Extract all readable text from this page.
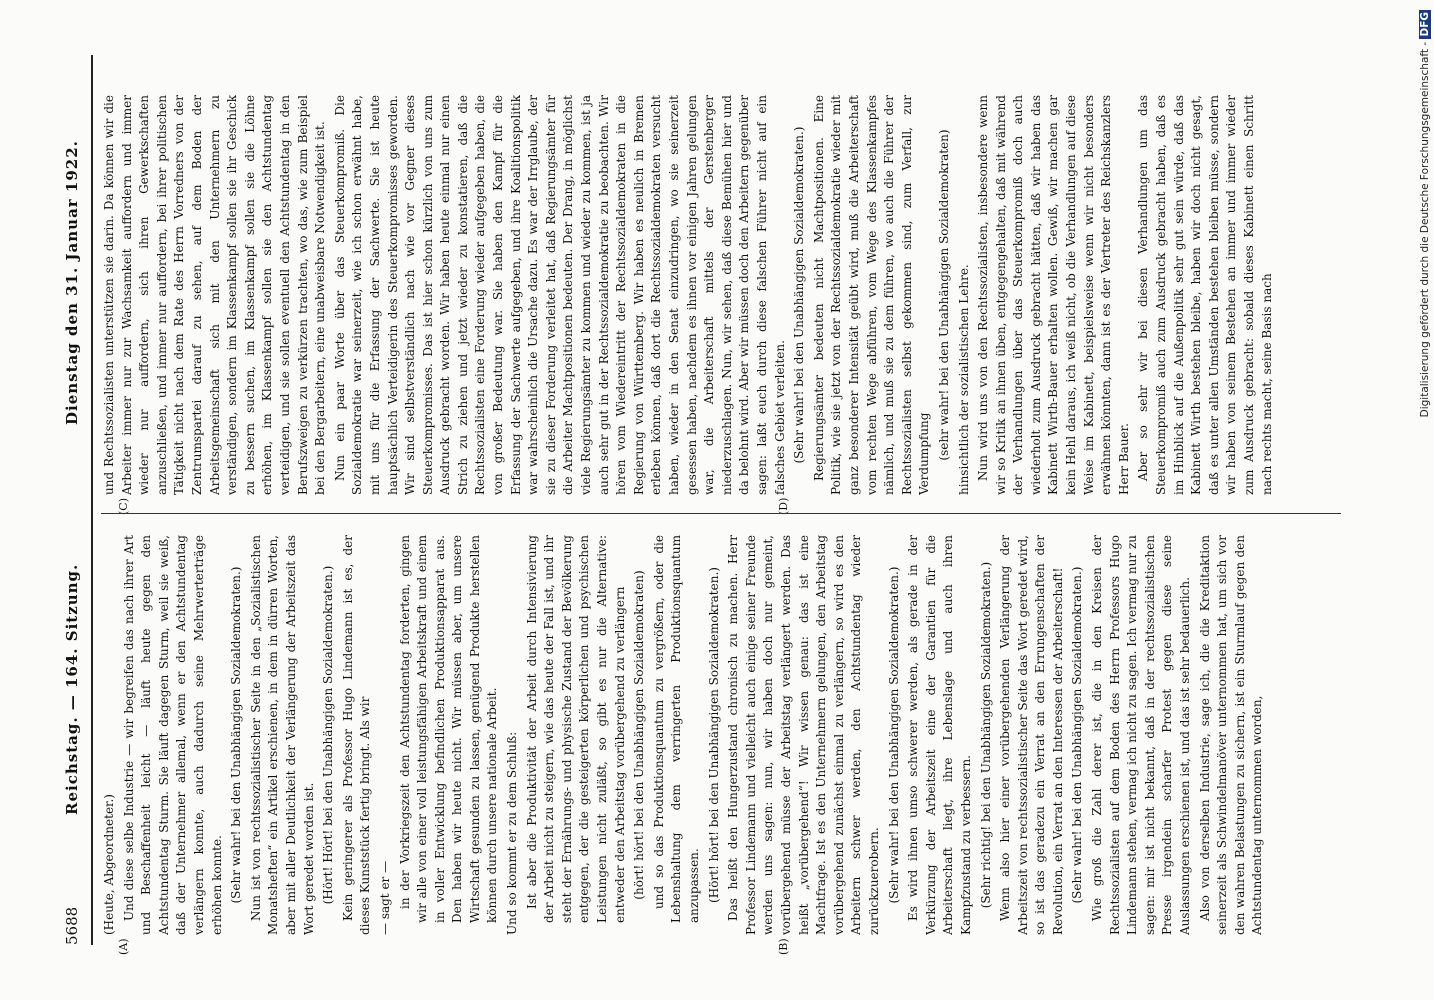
5688
Reichstag. — 164. Sitzung.
Dienstag den 31. Januar 1922.
(A)	(B)
(C)	(D)

(Heute, Abgeordneter.) Und diese selbe Industrie — wir begreifen das nach ihrer Art und Beschaffenheit leicht — läuft heute gegen den Achtstundentag Sturm. Sie läuft dagegen Sturm, weil sie weiß, daß der Unternehmer allemal, wenn er den Achtstundentag verlängern konnte, auch dadurch seine Mehrwerterträge erhöhen konnte. (Sehr wahr! bei den Unabhängigen Sozialdemokraten.) Nun ist von rechtssozialistischer Seite in den „Sozialistischen Monatsheften“ ein Artikel erschienen, in dem in dürren Worten, aber mit aller Deutlichkeit der Verlängerung der Arbeitszeit das Wort geredet worden ist. (Hört! Hört! bei den Unabhängigen Sozialdemokraten.) Kein geringerer als Professor Hugo Lindemann ist es, der dieses Kunststück fertig bringt. Als wir — sagt er — in der Vorkriegszeit den Achtstundentag forderten, gingen wir alle von einer voll leistungsfähigen Arbeitskraft und einem in voller Entwicklung befindlichen Produktionsapparat aus. Den haben wir heute nicht. Wir müssen aber, um unsere Wirtschaft gesunden zu lassen, genügend Produkte herstellen können durch unsere nationale Arbeit. Und so kommt er zu dem Schluß: Ist aber die Produktivität der Arbeit durch Intensivierung der Arbeit nicht zu steigern, wie das heute der Fall ist, und ihr steht der Ernährungs- und physische Zustand der Bevölkerung entgegen, der die gesteigerten körperlichen und psychischen Leistungen nicht zuläßt, so gibt es nur die Alternative: entweder den Arbeitstag vorübergehend zu verlängern (hört! hört! bei den Unabhängigen Sozialdemokraten) und so das Produktionsquantum zu vergrößern, oder die Lebenshaltung dem verringerten Produktionsquantum anzupassen. (Hört! hört! bei den Unabhängigen Sozialdemokraten.) Das heißt den Hungerzustand chronisch zu machen. Herr Professor Lindemann und vielleicht auch einige seiner Freunde werden uns sagen: nun, wir haben doch nur gemeint, vorübergehend müsse der Arbeitstag verlängert werden. Das heißt „vorübergehend“! Wir wissen genau: das ist eine Machtfrage. Ist es den Unternehmern gelungen, den Arbeitstag vorübergehend zunächst einmal zu verlängern, so wird es den Arbeitern schwer werden, den Achtstundentag wieder zurückzuerobern. (Sehr wahr! bei den Unabhängigen Sozialdemokraten.) Es wird ihnen umso schwerer werden, als gerade in der Verkürzung der Arbeitszeit eine der Garantien für die Arbeiterschaft liegt, ihre Lebenslage und auch ihren Kampfzustand zu verbessern. (Sehr richtig! bei den Unabhängigen Sozialdemokraten.) Wenn also hier einer vorübergehenden Verlängerung der Arbeitszeit von rechtssozialistischer Seite das Wort geredet wird, so ist das geradezu ein Verrat an den Errungenschaften der Revolution, ein Verrat an den Interessen der Arbeiterschaft! (Sehr wahr! bei den Unabhängigen Sozialdemokraten.) Wie groß die Zahl derer ist, die in den Kreisen der Rechtssozialisten auf dem Boden des Herrn Professors Hugo Lindemann stehen, vermag ich nicht zu sagen. Ich vermag nur zu sagen: mir ist nicht bekannt, daß in der rechtssozialistischen Presse irgendein scharfer Protest gegen diese seine Auslassungen erschienen ist, und das ist sehr bedauerlich. Also von derselben Industrie, sage ich, die die Kreditaktion seinerzeit als Schwindelmanöver unternommen hat, um sich vor den wahren Belastungen zu sichern, ist ein Sturmlauf gegen den Achtstundentag unternommen worden,

und Rechtssozialisten unterstützen sie darin. Da können wir die Arbeiter immer nur zur Wachsamkeit auffordern und immer wieder nur auffordern, sich ihren Gewerkschaften anzuschließen, und immer nur auffordern, bei ihrer politischen Tätigkeit nicht nach dem Rate des Herrn Vorredners von der Zentrumspartei darauf zu sehen, auf dem Boden der Arbeitsgemeinschaft sich mit den Unternehmern zu verständigen, sondern im Klassenkampf sollen sie ihr Geschick zu bessern suchen, im Klassenkampf sollen sie die Löhne erhöhen, im Klassenkampf sollen sie den Achtstundentag verteidigen, und sie sollen eventuell den Achtstundentag in den Berufszweigen zu verkürzen trachten, wo das, wie zum Beispiel bei den Bergarbeitern, eine unabweisbare Notwendigkeit ist. Nun ein paar Worte über das Steuerkompromiß. Die Sozialdemokratie war seinerzeit, wie ich schon erwähnt habe, mit uns für die Erfassung der Sachwerte. Sie ist heute hauptsächlich Verteidigerin des Steuerkompromisses geworden. Wir sind selbstverständlich nach wie vor Gegner dieses Steuerkompromisses. Das ist hier schon kürzlich von uns zum Ausdruck gebracht worden. Wir haben heute einmal nur einen Strich zu ziehen und jetzt wieder zu konstatieren, daß die Rechtssozialisten eine Forderung wieder aufgegeben haben, die von großer Bedeutung war. Sie haben den Kampf für die Erfassung der Sachwerte aufgegeben, und ihre Koalitionspolitik war wahrscheinlich die Ursache dazu. Es war der Irrglaube, der sie zu dieser Forderung verleitet hat, daß Regierungsämter für die Arbeiter Machtpositionen bedeuten. Der Drang, in möglichst viele Regierungsämter zu kommen und wieder zu kommen, ist ja auch sehr gut in der Rechtssozialdemokratie zu beobachten. Wir hören vom Wiedereintritt der Rechtssozialdemokraten in die Regierung von Württemberg. Wir haben es neulich in Bremen erleben können, daß dort die Rechtssozialdemokraten versucht haben, wieder in den Senat einzudringen, wo sie seinerzeit gesessen haben, nachdem es ihnen vor einigen Jahren gelungen war, die Arbeiterschaft mittels der Gerstenberger niederzuschlagen. Nun, wir sehen, daß diese Bemühen hier und da belohnt wird. Aber wir müssen doch den Arbeitern gegenüber sagen: laßt euch durch diese falschen Führer nicht auf ein falsches Gebiet verleiten. (Sehr wahr! bei den Unabhängigen Sozialdemokraten.) Regierungsämter bedeuten nicht Machtpositionen. Eine Politik, wie sie jetzt von der Rechtssozialdemokratie wieder mit ganz besonderer Intensität geübt wird, muß die Arbeiterschaft vom rechten Wege abführen, vom Wege des Klassenkampfes nämlich, und muß sie zu dem führen, wo auch die Führer der Rechtssozialisten selbst gekommen sind, zum Verfall, zur Verdumpfung (sehr wahr! bei den Unabhängigen Sozialdemokraten) hinsichtlich der sozialistischen Lehre. Nun wird uns von den Rechtssozialisten, insbesondere wenn wir so Kritik an ihnen üben, entgegengehalten, daß mit während der Verhandlungen über das Steuerkompromiß doch auch wiederholt zum Ausdruck gebracht hätten, daß wir haben das Kabinett Wirth-Bauer erhalten wollen. Gewiß, wir machen gar kein Hehl daraus, ich weiß nicht, ob die Verhandlungen auf diese Weise im Kabinett, beispielsweise wenn wir nicht besonders erwähnen könnten, dann ist es der Vertreter des Reichskanzlers Herr Bauer. Aber so sehr wir bei diesen Verhandlungen um das Steuerkompromiß auch zum Ausdruck gebracht haben, daß es im Hinblick auf die Außenpolitik sehr gut sein würde, daß das Kabinett Wirth bestehen bleibe, haben wir doch nicht gesagt, daß es unter allen Umständen bestehen bleiben müsse, sondern wir haben von seinem Bestehen an immer und immer wieder zum Ausdruck gebracht: sobald dieses Kabinett einen Schritt nach rechts macht, seine Basis nach	Digitalisierung gefördert durch die Deutsche Forschungsgemeinschaft - DFG
